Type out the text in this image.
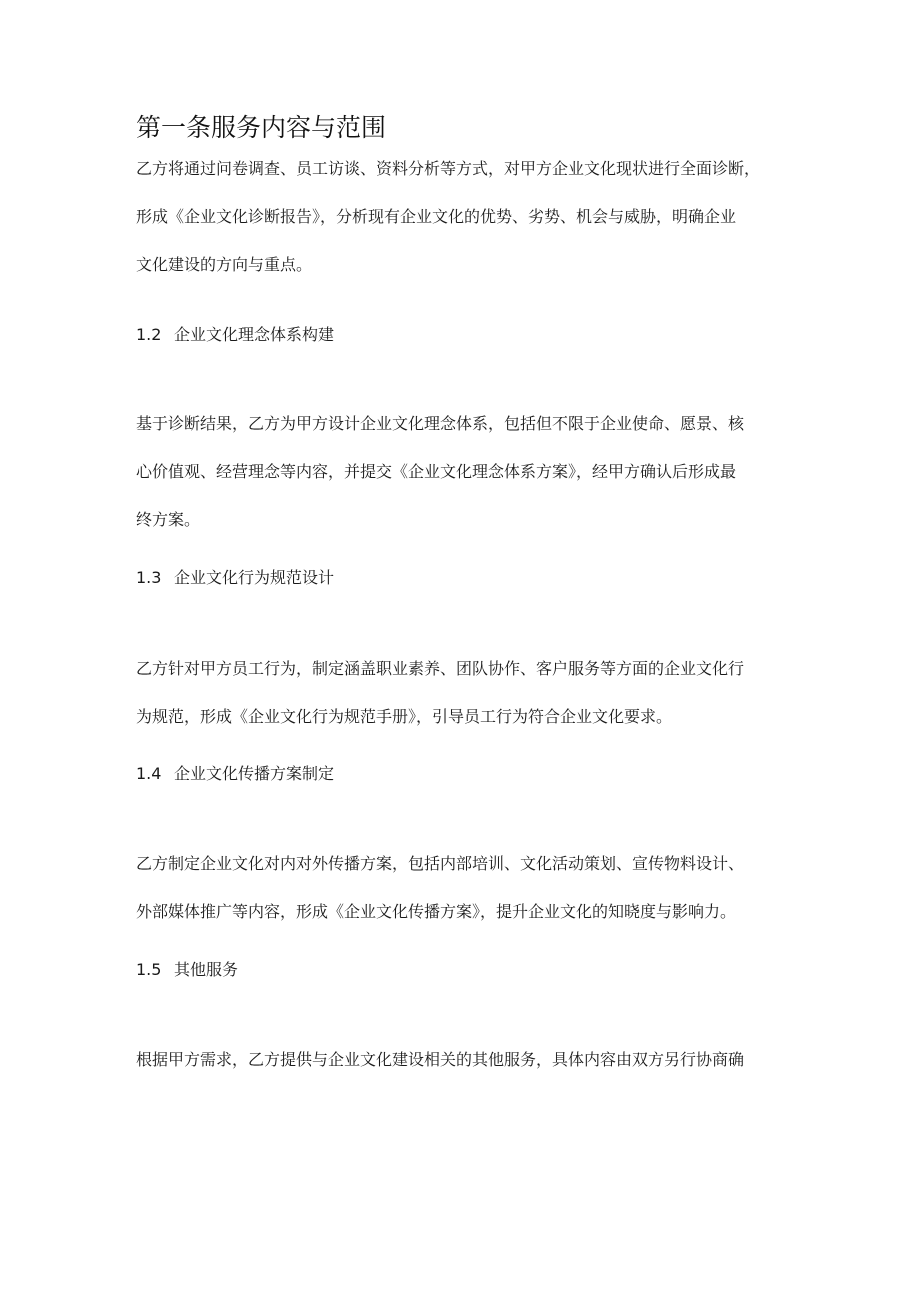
第一条服务内容与范围
乙方将通过问卷调查、员工访谈、资料分析等方式，对甲方企业文化现状进行全面诊断，
形成《企业文化诊断报告》，分析现有企业文化的优势、劣势、机会与威胁，明确企业
文化建设的方向与重点。
1.2 企业文化理念体系构建
基于诊断结果，乙方为甲方设计企业文化理念体系，包括但不限于企业使命、愿景、核
心价值观、经营理念等内容，并提交《企业文化理念体系方案》，经甲方确认后形成最
终方案。
1.3 企业文化行为规范设计
乙方针对甲方员工行为，制定涵盖职业素养、团队协作、客户服务等方面的企业文化行
为规范，形成《企业文化行为规范手册》，引导员工行为符合企业文化要求。
1.4 企业文化传播方案制定
乙方制定企业文化对内对外传播方案，包括内部培训、文化活动策划、宣传物料设计、
外部媒体推广等内容，形成《企业文化传播方案》，提升企业文化的知晓度与影响力。
1.5 其他服务
根据甲方需求，乙方提供与企业文化建设相关的其他服务，具体内容由双方另行协商确
